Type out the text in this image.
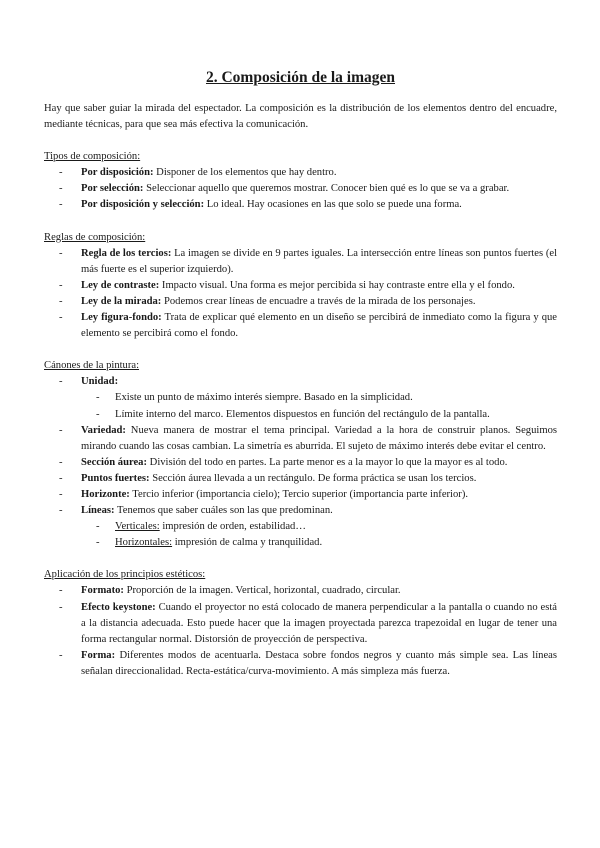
2. Composición de la imagen

Hay que saber guiar la mirada del espectador. La composición es la distribución de los elementos dentro del encuadre, mediante técnicas, para que sea más efectiva la comunicación.

Tipos de composición:
- Por disposición: Disponer de los elementos que hay dentro.
- Por selección: Seleccionar aquello que queremos mostrar. Conocer bien qué es lo que se va a grabar.
- Por disposición y selección: Lo ideal. Hay ocasiones en las que solo se puede una forma.
Reglas de composición:
- Regla de los tercios: La imagen se divide en 9 partes iguales. La intersección entre líneas son puntos fuertes (el más fuerte es el superior izquierdo).
- Ley de contraste: Impacto visual. Una forma es mejor percibida si hay contraste entre ella y el fondo.
- Ley de la mirada: Podemos crear líneas de encuadre a través de la mirada de los personajes.
- Ley figura-fondo: Trata de explicar qué elemento en un diseño se percibirá de inmediato como la figura y que elemento se percibirá como el fondo.
Cánones de la pintura:
- Unidad:
- Existe un punto de máximo interés siempre. Basado en la simplicidad.
- Límite interno del marco. Elementos dispuestos en función del rectángulo de la pantalla.
- Variedad: Nueva manera de mostrar el tema principal. Variedad a la hora de construir planos. Seguimos mirando cuando las cosas cambian. La simetría es aburrida. El sujeto de máximo interés debe evitar el centro.
- Sección áurea: División del todo en partes. La parte menor es a la mayor lo que la mayor es al todo.
- Puntos fuertes: Sección áurea llevada a un rectángulo. De forma práctica se usan los tercios.
- Horizonte: Tercio inferior (importancia cielo); Tercio superior (importancia parte inferior).
- Líneas: Tenemos que saber cuáles son las que predominan.
- Verticales: impresión de orden, estabilidad…
- Horizontales: impresión de calma y tranquilidad.
Aplicación de los principios estéticos:
- Formato: Proporción de la imagen. Vertical, horizontal, cuadrado, circular.
- Efecto keystone: Cuando el proyector no está colocado de manera perpendicular a la pantalla o cuando no está a la distancia adecuada. Esto puede hacer que la imagen proyectada parezca trapezoidal en lugar de tener una forma rectangular normal. Distorsión de proyección de perspectiva.
- Forma: Diferentes modos de acentuarla. Destaca sobre fondos negros y cuanto más simple sea. Las líneas señalan direccionalidad. Recta-estática/curva-movimiento. A más simpleza más fuerza.
